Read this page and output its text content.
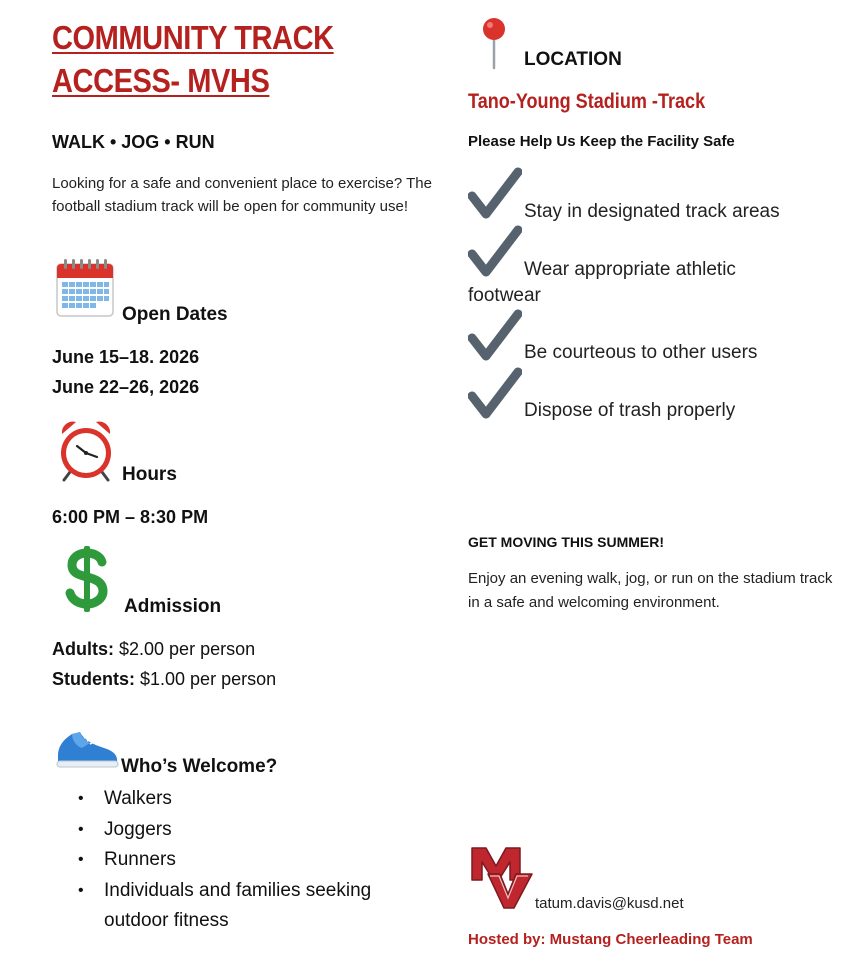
COMMUNITY TRACK
ACCESS- MVHS
WALK • JOG • RUN
Looking for a safe and convenient place to exercise? The football stadium track will be open for community use!
Open Dates
June 15–18. 2026
June 22–26, 2026
Hours
6:00 PM – 8:30 PM
Admission
Adults: $2.00 per person
Students: $1.00 per person
Who’s Welcome?
• Walkers
• Joggers
• Runners
• Individuals and families seeking outdoor fitness
LOCATION
Tano-Young Stadium -Track
Please Help Us Keep the Facility Safe
Stay in designated track areas
Wear appropriate athletic
footwear
Be courteous to other users
Dispose of trash properly
GET MOVING THIS SUMMER!
Enjoy an evening walk, jog, or run on the stadium track in a safe and welcoming environment.
tatum.davis@kusd.net
Hosted by: Mustang Cheerleading Team
